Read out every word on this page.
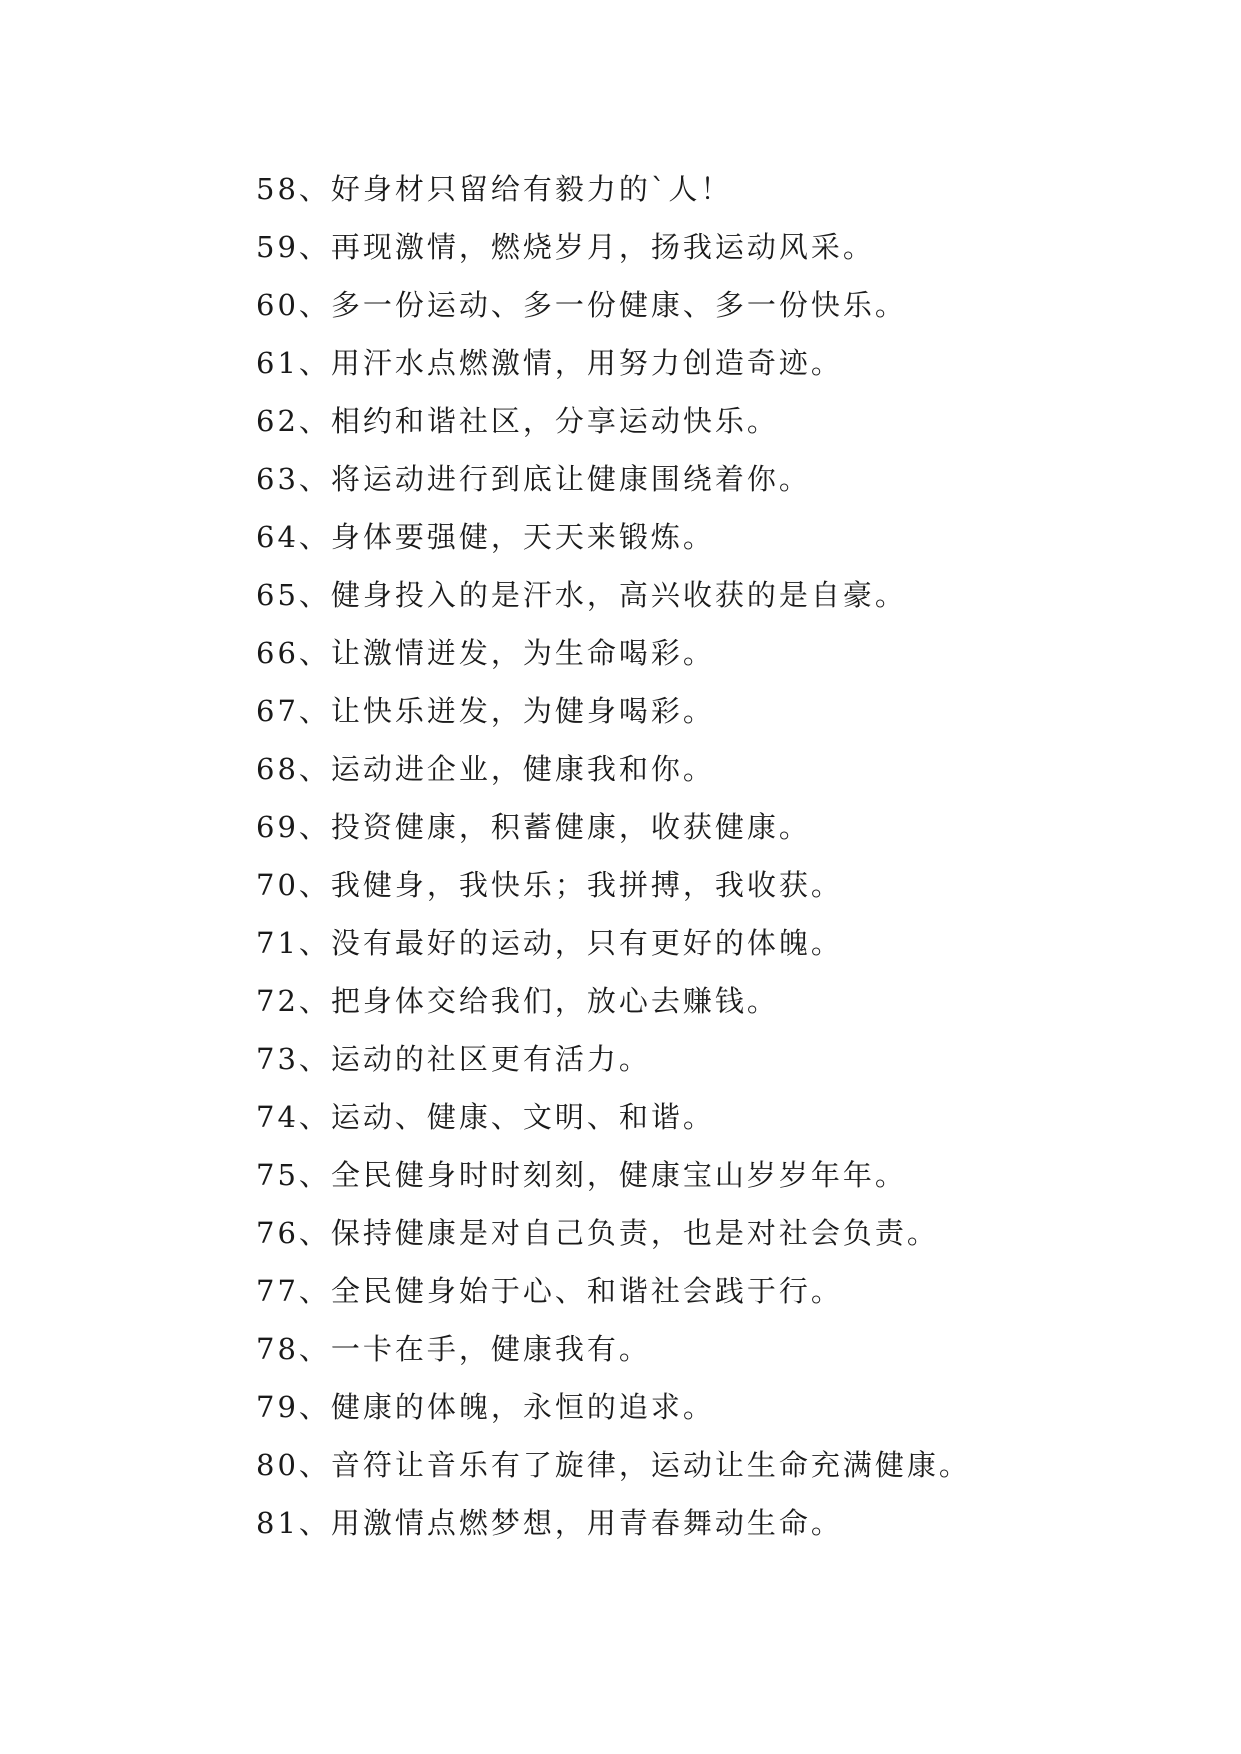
58、好身材只留给有毅力的`人！
59、再现激情，燃烧岁月，扬我运动风采。
60、多一份运动、多一份健康、多一份快乐。
61、用汗水点燃激情，用努力创造奇迹。
62、相约和谐社区，分享运动快乐。
63、将运动进行到底让健康围绕着你。
64、身体要强健，天天来锻炼。
65、健身投入的是汗水，高兴收获的是自豪。
66、让激情迸发，为生命喝彩。
67、让快乐迸发，为健身喝彩。
68、运动进企业，健康我和你。
69、投资健康，积蓄健康，收获健康。
70、我健身，我快乐；我拼搏，我收获。
71、没有最好的运动，只有更好的体魄。
72、把身体交给我们，放心去赚钱。
73、运动的社区更有活力。
74、运动、健康、文明、和谐。
75、全民健身时时刻刻，健康宝山岁岁年年。
76、保持健康是对自己负责，也是对社会负责。
77、全民健身始于心、和谐社会践于行。
78、一卡在手，健康我有。
79、健康的体魄，永恒的追求。
80、音符让音乐有了旋律，运动让生命充满健康。
81、用激情点燃梦想，用青春舞动生命。
